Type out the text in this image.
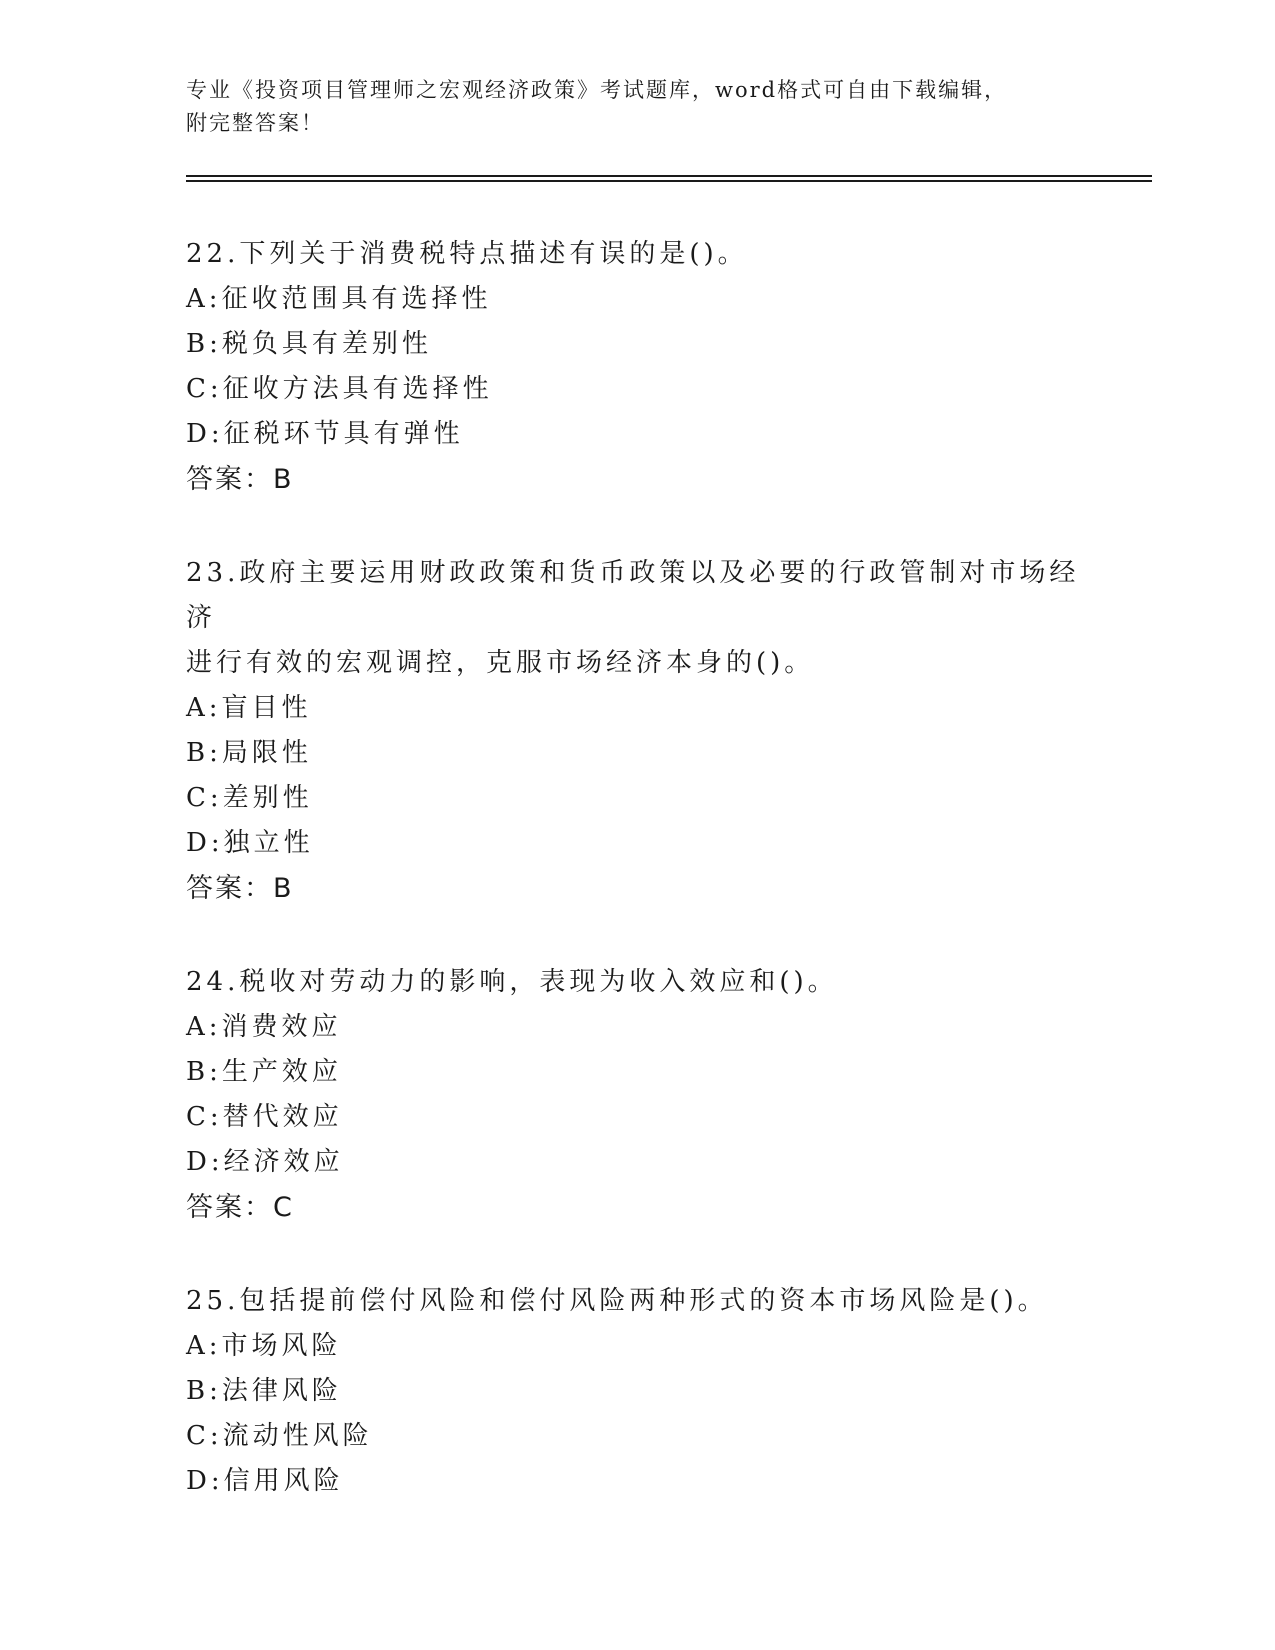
专业《投资项目管理师之宏观经济政策》考试题库，word格式可自由下载编辑，
附完整答案！
22.下列关于消费税特点描述有误的是()。
A:征收范围具有选择性
B:税负具有差别性
C:征收方法具有选择性
D:征税环节具有弹性
答案：B
23.政府主要运用财政政策和货币政策以及必要的行政管制对市场经济
进行有效的宏观调控，克服市场经济本身的()。
A:盲目性
B:局限性
C:差别性
D:独立性
答案：B
24.税收对劳动力的影响，表现为收入效应和()。
A:消费效应
B:生产效应
C:替代效应
D:经济效应
答案：C
25.包括提前偿付风险和偿付风险两种形式的资本市场风险是()。
A:市场风险
B:法律风险
C:流动性风险
D:信用风险
